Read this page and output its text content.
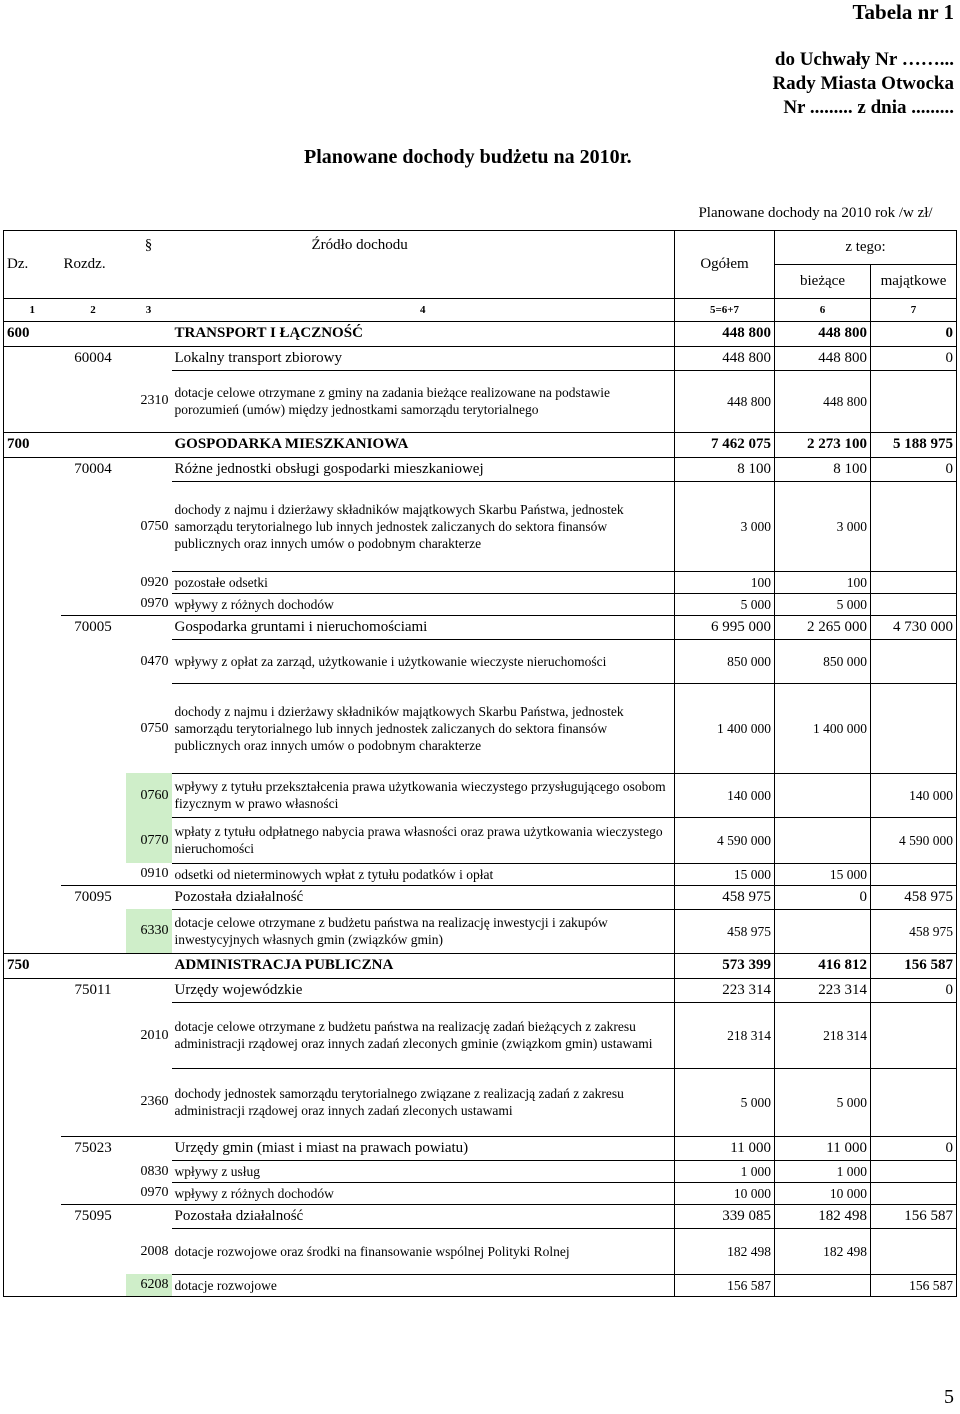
Tabela nr 1
do Uchwały Nr ……...
Rady Miasta Otwocka
Nr ......... z dnia .........
Planowane dochody budżetu na 2010r.
				Planowane dochody na 2010 rok /w zł/		
Dz.	Rozdz.	§	Źródło dochodu	Ogółem	z tego:	
					bieżące	majątkowe
1	2	3	4	5=6+7	6	7
600			TRANSPORT I ŁĄCZNOŚĆ	448 800	448 800	0
	60004		Lokalny transport zbiorowy	448 800	448 800	0
		2310	dotacje celowe otrzymane z gminy na zadania bieżące realizowane na podstawie porozumień (umów) między jednostkami samorządu terytorialnego	448 800	448 800	
700			GOSPODARKA MIESZKANIOWA	7 462 075	2 273 100	5 188 975
	70004		Różne jednostki obsługi gospodarki mieszkaniowej	8 100	8 100	0
		0750	dochody z najmu i dzierżawy składników majątkowych Skarbu Państwa, jednostek samorządu terytorialnego lub innych jednostek zaliczanych do sektora finansów publicznych oraz innych umów o podobnym charakterze	3 000	3 000	
		0920	pozostałe odsetki	100	100	
		0970	wpływy z różnych dochodów	5 000	5 000	
	70005		Gospodarka gruntami i nieruchomościami	6 995 000	2 265 000	4 730 000
		0470	wpływy z opłat za zarząd, użytkowanie i użytkowanie wieczyste nieruchomości	850 000	850 000	
		0750	dochody z najmu i dzierżawy składników majątkowych Skarbu Państwa, jednostek samorządu terytorialnego lub innych jednostek zaliczanych do sektora finansów publicznych oraz innych umów o podobnym charakterze	1 400 000	1 400 000	
		0760	wpływy z tytułu przekształcenia prawa użytkowania wieczystego przysługującego osobom fizycznym w prawo własności	140 000		140 000
		0770	wpłaty z tytułu odpłatnego nabycia prawa własności oraz prawa użytkowania wieczystego nieruchomości	4 590 000		4 590 000
		0910	odsetki od nieterminowych wpłat z tytułu podatków i opłat	15 000	15 000	
	70095		Pozostała działalność	458 975	0	458 975
		6330	dotacje celowe otrzymane z budżetu państwa na realizację inwestycji i zakupów inwestycyjnych własnych gmin (związków gmin)	458 975		458 975
750			ADMINISTRACJA PUBLICZNA	573 399	416 812	156 587
	75011		Urzędy wojewódzkie	223 314	223 314	0
		2010	dotacje celowe otrzymane z budżetu państwa na realizację zadań bieżących z zakresu administracji rządowej oraz innych zadań zleconych gminie (związkom gmin) ustawami	218 314	218 314	
		2360	dochody jednostek samorządu terytorialnego związane z realizacją zadań z zakresu administracji rządowej oraz innych zadań zleconych ustawami	5 000	5 000	
	75023		Urzędy gmin (miast i miast na prawach powiatu)	11 000	11 000	0
		0830	wpływy z usług	1 000	1 000	
		0970	wpływy z różnych dochodów	10 000	10 000	
	75095		Pozostała działalność	339 085	182 498	156 587
		2008	dotacje rozwojowe oraz środki na finansowanie wspólnej Polityki Rolnej	182 498	182 498	
		6208	dotacje rozwojowe	156 587		156 587
5
